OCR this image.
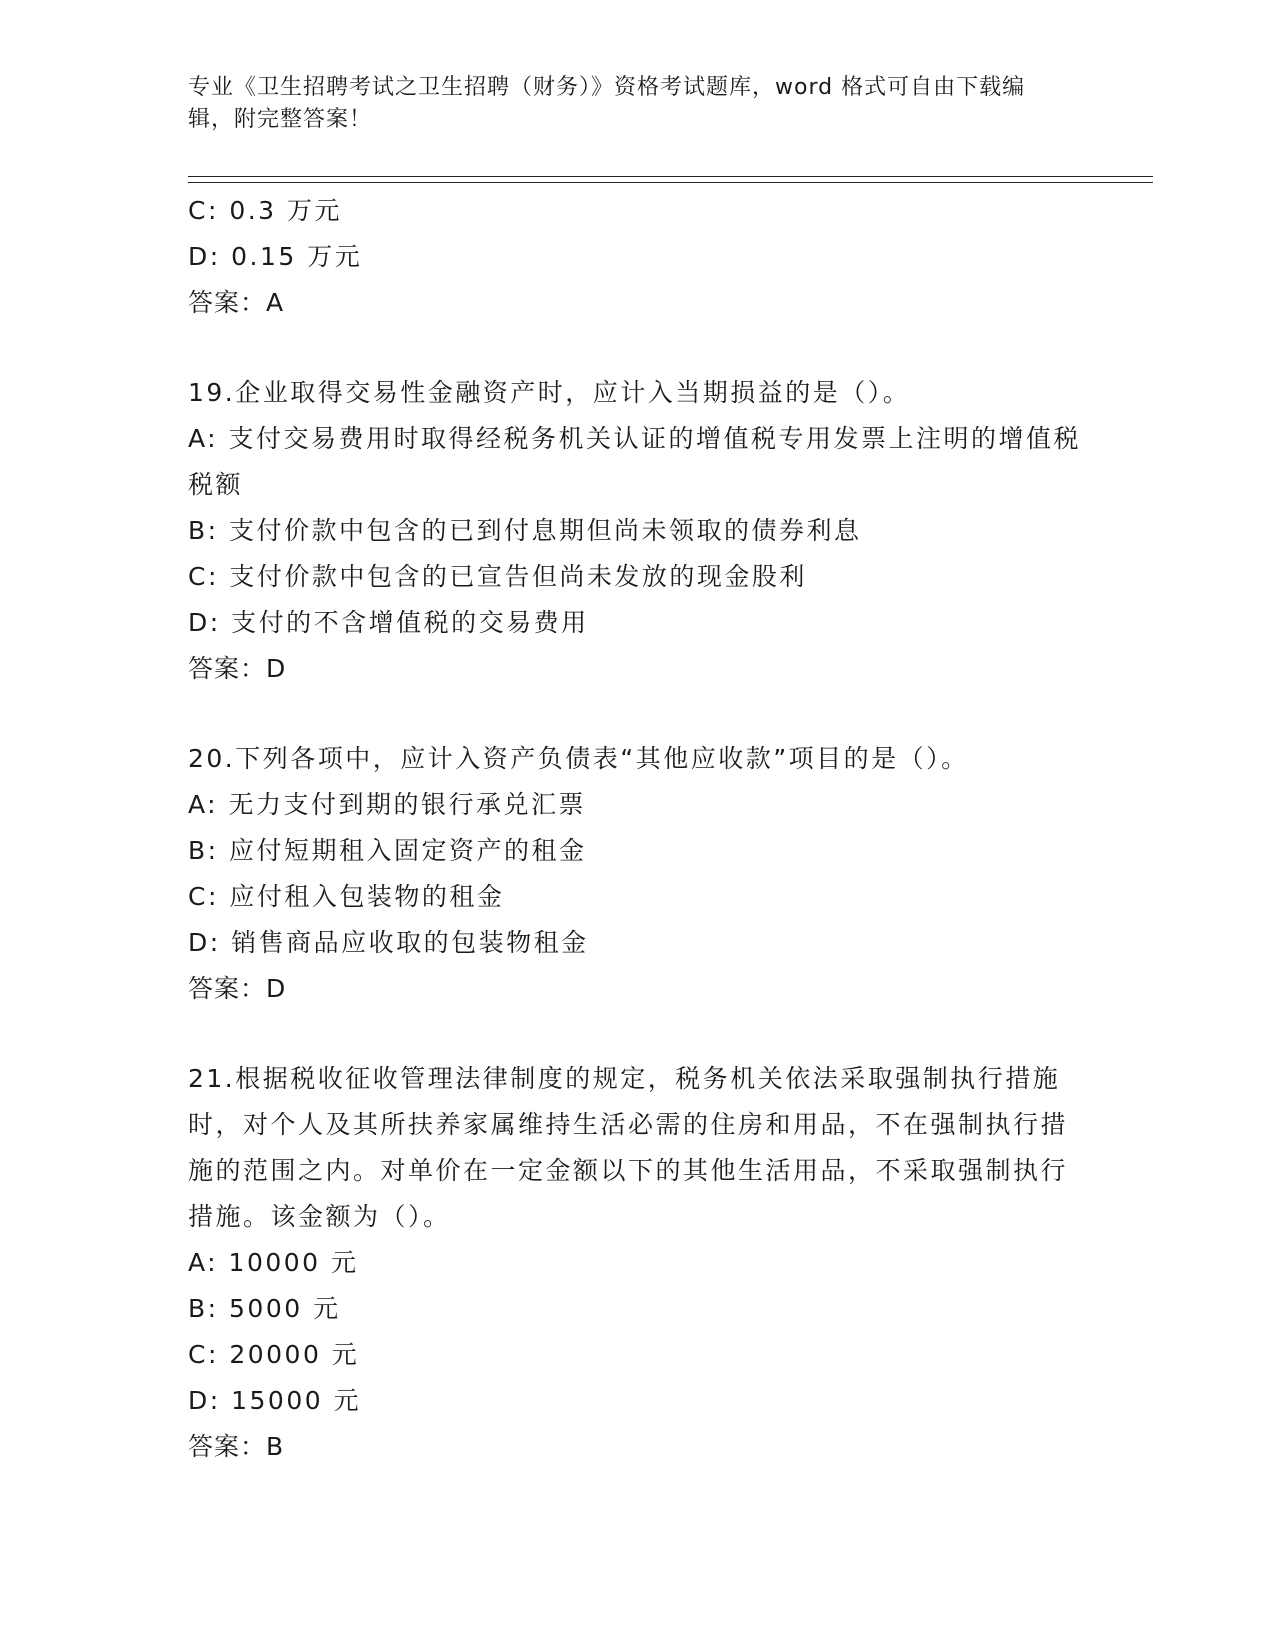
专业《卫生招聘考试之卫生招聘（财务）》资格考试题库，word 格式可自由下载编辑，附完整答案！
C: 0.3 万元
D: 0.15 万元
答案：A
19.企业取得交易性金融资产时，应计入当期损益的是（）。
A: 支付交易费用时取得经税务机关认证的增值税专用发票上注明的增值税税额
B: 支付价款中包含的已到付息期但尚未领取的债券利息
C: 支付价款中包含的已宣告但尚未发放的现金股利
D: 支付的不含增值税的交易费用
答案：D
20.下列各项中，应计入资产负债表“其他应收款”项目的是（）。
A: 无力支付到期的银行承兑汇票
B: 应付短期租入固定资产的租金
C: 应付租入包装物的租金
D: 销售商品应收取的包装物租金
答案：D
21.根据税收征收管理法律制度的规定，税务机关依法采取强制执行措施时，对个人及其所扶养家属维持生活必需的住房和用品，不在强制执行措施的范围之内。对单价在一定金额以下的其他生活用品，不采取强制执行措施。该金额为（）。
A: 10000 元
B: 5000 元
C: 20000 元
D: 15000 元
答案：B
